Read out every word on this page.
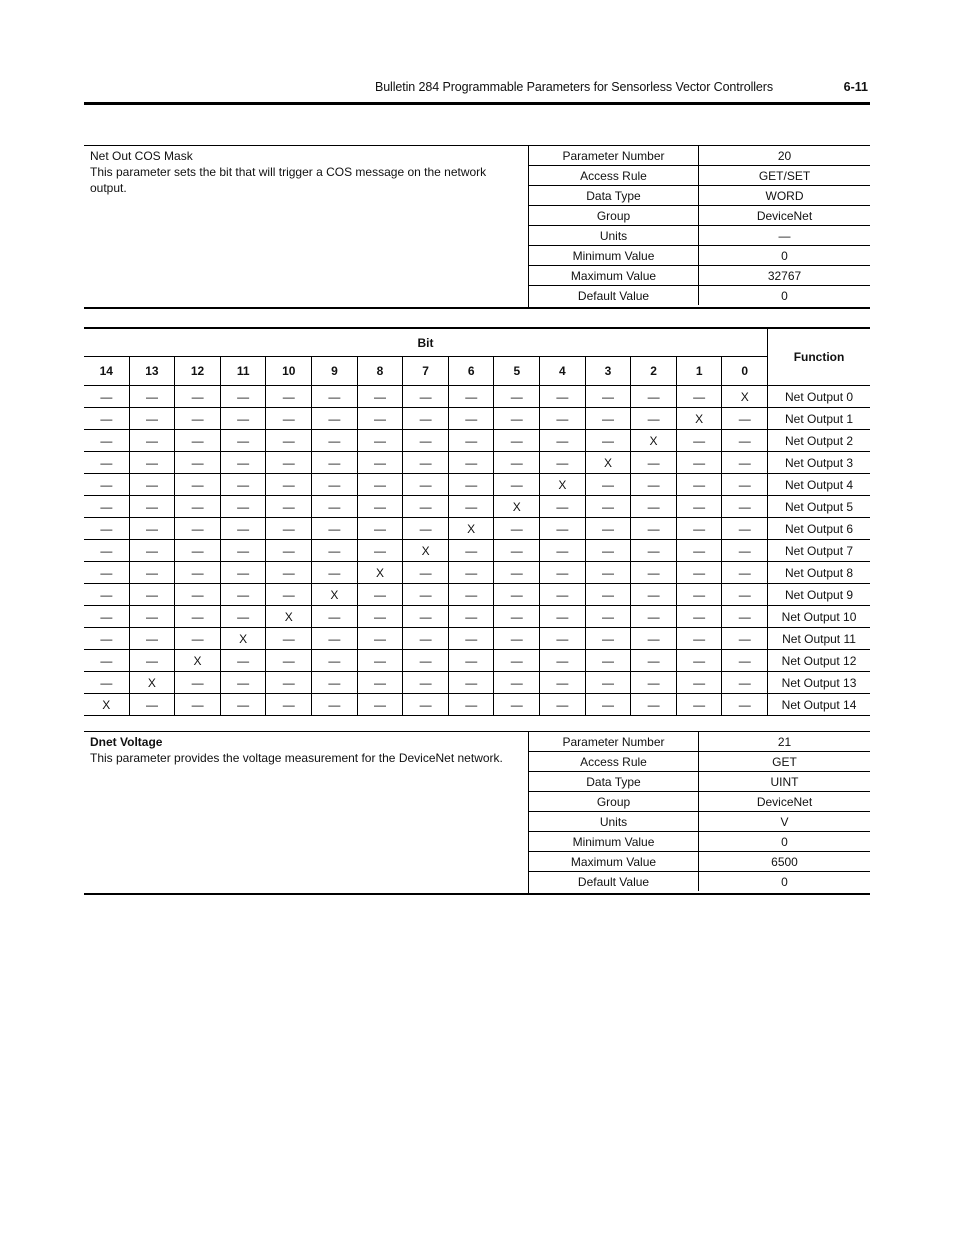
Bulletin 284 Programmable Parameters for Sensorless Vector Controllers	6-11
Net Out COS Mask
This parameter sets the bit that will trigger a COS message on the network output.
Parameter Number	20
Access Rule	GET/SET
Data Type	WORD
Group	DeviceNet
Units	—
Minimum Value	0
Maximum Value	32767
Default Value	0
Bit															Function
14	13	12	11	10	9	8	7	6	5	4	3	2	1	0	
—	—	—	—	—	—	—	—	—	—	—	—	—	—	X	Net Output 0
—	—	—	—	—	—	—	—	—	—	—	—	—	X	—	Net Output 1
—	—	—	—	—	—	—	—	—	—	—	—	X	—	—	Net Output 2
—	—	—	—	—	—	—	—	—	—	—	X	—	—	—	Net Output 3
—	—	—	—	—	—	—	—	—	—	X	—	—	—	—	Net Output 4
—	—	—	—	—	—	—	—	—	X	—	—	—	—	—	Net Output 5
—	—	—	—	—	—	—	—	X	—	—	—	—	—	—	Net Output 6
—	—	—	—	—	—	—	X	—	—	—	—	—	—	—	Net Output 7
—	—	—	—	—	—	X	—	—	—	—	—	—	—	—	Net Output 8
—	—	—	—	—	X	—	—	—	—	—	—	—	—	—	Net Output 9
—	—	—	—	X	—	—	—	—	—	—	—	—	—	—	Net Output 10
—	—	—	X	—	—	—	—	—	—	—	—	—	—	—	Net Output 11
—	—	X	—	—	—	—	—	—	—	—	—	—	—	—	Net Output 12
—	X	—	—	—	—	—	—	—	—	—	—	—	—	—	Net Output 13
X	—	—	—	—	—	—	—	—	—	—	—	—	—	—	Net Output 14
Dnet Voltage
This parameter provides the voltage measurement for the DeviceNet network.
Parameter Number	21
Access Rule	GET
Data Type	UINT
Group	DeviceNet
Units	V
Minimum Value	0
Maximum Value	6500
Default Value	0
